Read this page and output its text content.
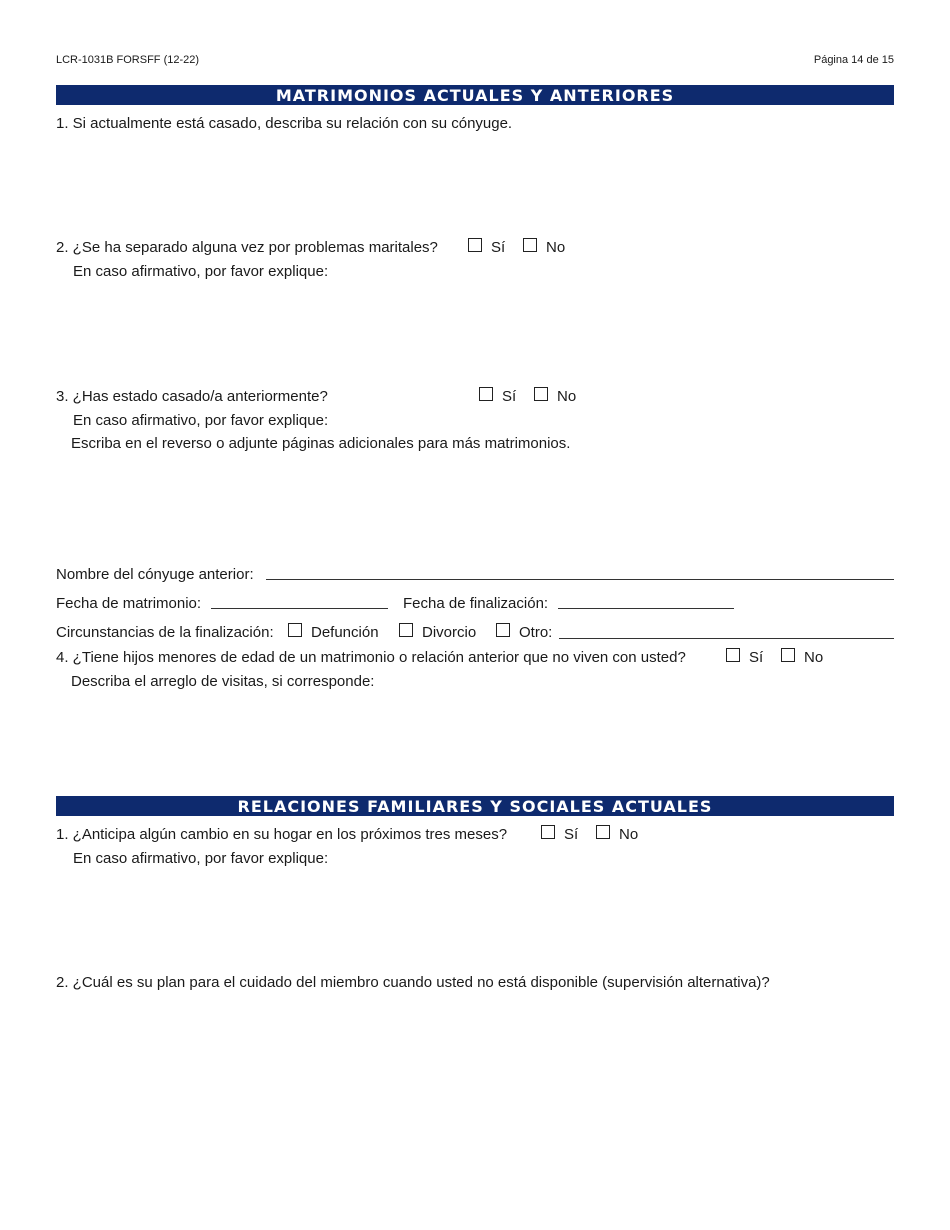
LCR-1031B FORSFF (12-22)	Página 14 de 15
MATRIMONIOS ACTUALES Y ANTERIORES
1. Si actualmente está casado, describa su relación con su cónyuge.
2. ¿Se ha separado alguna vez por problemas maritales?	Sí	No
En caso afirmativo, por favor explique:
3. ¿Has estado casado/a anteriormente?	Sí	No
En caso afirmativo, por favor explique:
Escriba en el reverso o adjunte páginas adicionales para más matrimonios.
Nombre del cónyuge anterior:
Fecha de matrimonio:	Fecha de finalización:
Circunstancias de la finalización: Defunción	Divorcio	Otro:
4. ¿Tiene hijos menores de edad de un matrimonio o relación anterior que no viven con usted?	Sí	No
Describa el arreglo de visitas, si corresponde:
RELACIONES FAMILIARES Y SOCIALES ACTUALES
1. ¿Anticipa algún cambio en su hogar en los próximos tres meses?	Sí	No
En caso afirmativo, por favor explique:
2. ¿Cuál es su plan para el cuidado del miembro cuando usted no está disponible (supervisión alternativa)?
